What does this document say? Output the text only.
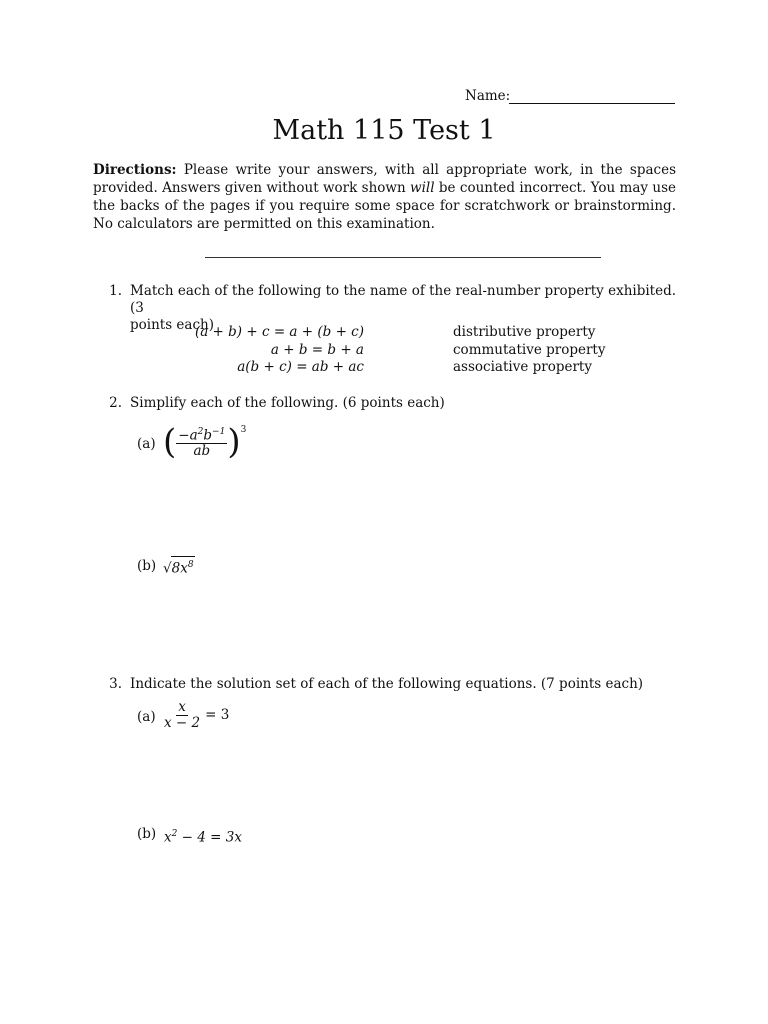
Name:
Math 115 Test 1
Directions: Please write your answers, with all appropriate work, in the spaces provided. Answers given without work shown will be counted incorrect. You may use the backs of the pages if you require some space for scratchwork or brainstorming. No calculators are permitted on this examination.
1. Match each of the following to the name of the real-number property exhibited. (3
points each)
(a + b) + c = a + (b + c)
a + b = b + a
a(b + c) = ab + ac
distributive property
commutative property
associative property
2. Simplify each of the following. (6 points each)
(a) ( $\frac{-a^2b^{-1}}{ab} )^3$
(b) $√8x^8$
3. Indicate the solution set of each of the following equations. (7 points each)
$(a) \frac{x}{x - 2} = 3$
(b) $x^2 - 4 = 3x$
